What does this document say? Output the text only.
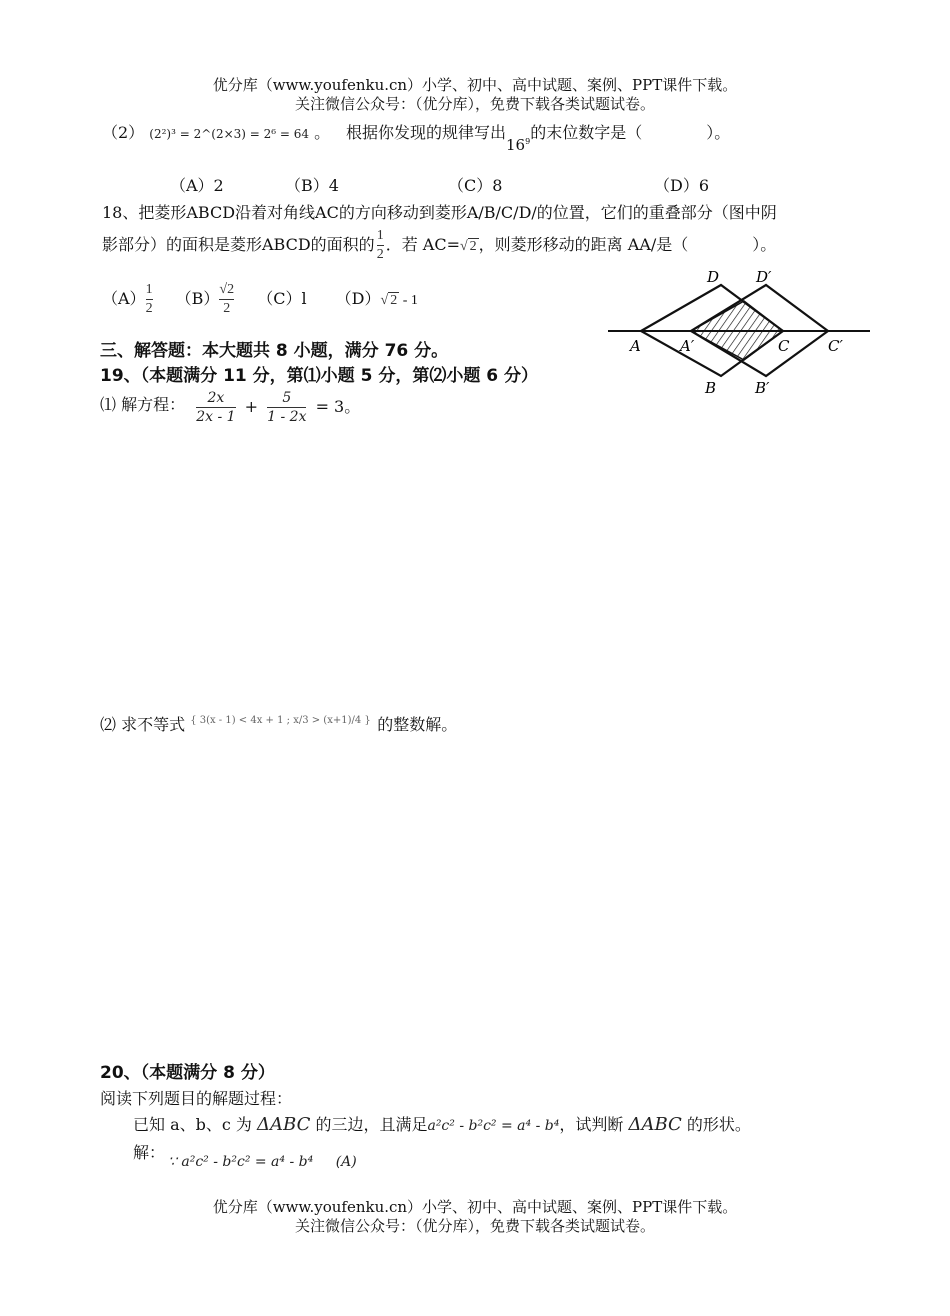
优分库（www.youfenku.cn）小学、初中、高中试题、案例、PPT课件下载。
关注微信公众号：（优分库），免费下载各类试题试卷。
（2） (2²)³ = 2^(2×3) = 2⁶ = 64 。 根据你发现的规律写出$16^9$的末位数字是（　　　　）。
（A）2	（B）4	（C）8	（D）6
18、把菱形ABCD沿着对角线AC的方向移动到菱形A/B/C/D/的位置，它们的重叠部分（图中阴
影部分）的面积是菱形ABCD的面积的 $\frac{1}{2}$ ．若 AC=√ 2 ，则菱形移动的距离 AA/是（　　　　）。
$(A) \frac{1}{2} (B) \frac{√2}{2} (C)l$ （D）√ 2 - 1
D D′
A	A′	C	C′
B	B′
三、解答题：本大题共 8 小题，满分 76 分。
19、（本题满分 11 分，第⑴小题 5 分，第⑵小题 6 分）
⑴ 解方程： $\frac{2x}{2x - 1} + \frac{5}{1 - 2x} = 3$。
⑵ 求不等式 { 3(x - 1) < 4x + 1 ; x/3 > (x+1)/4 } 的整数解。
20、（本题满分 8 分）
阅读下列题目的解题过程：
已知 a、b、c 为 ΔABC 的三边，且满足a²c² - b²c² = a⁴ - b⁴，试判断 ΔABC 的形状。
解： ∵ a²c² - b²c² = a⁴ - b⁴ (A)
优分库（www.youfenku.cn）小学、初中、高中试题、案例、PPT课件下载。
关注微信公众号：（优分库），免费下载各类试题试卷。
